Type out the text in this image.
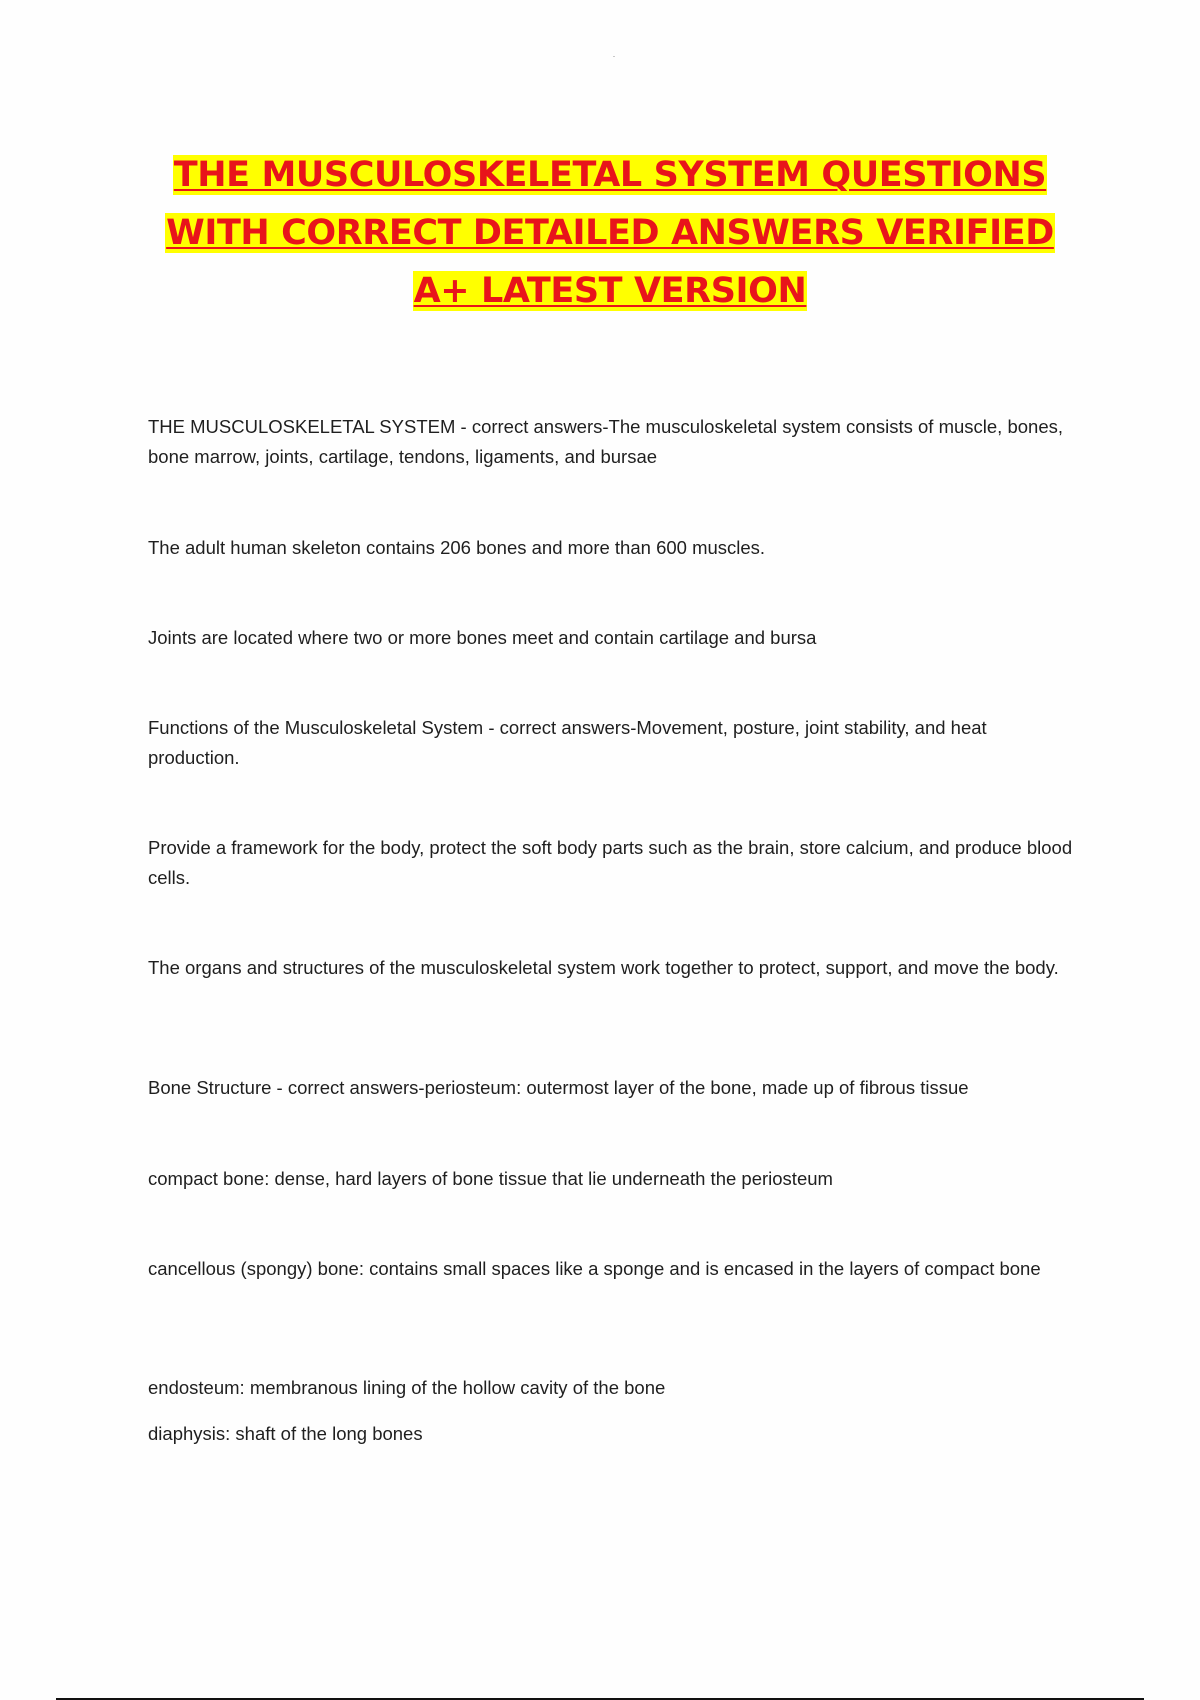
THE MUSCULOSKELETAL SYSTEM QUESTIONS WITH CORRECT DETAILED ANSWERS VERIFIED A+ LATEST VERSION

THE MUSCULOSKELETAL SYSTEM - correct answers-The musculoskeletal system consists of muscle, bones, bone marrow, joints, cartilage, tendons, ligaments, and bursae

The adult human skeleton contains 206 bones and more than 600 muscles.

Joints are located where two or more bones meet and contain cartilage and bursa

Functions of the Musculoskeletal System - correct answers-Movement, posture, joint stability, and heat production.

Provide a framework for the body, protect the soft body parts such as the brain, store calcium, and produce blood cells.

The organs and structures of the musculoskeletal system work together to protect, support, and move the body.

Bone Structure - correct answers-periosteum: outermost layer of the bone, made up of fibrous tissue

compact bone: dense, hard layers of bone tissue that lie underneath the periosteum

cancellous (spongy) bone: contains small spaces like a sponge and is encased in the layers of compact bone

endosteum: membranous lining of the hollow cavity of the bone

diaphysis: shaft of the long bones
